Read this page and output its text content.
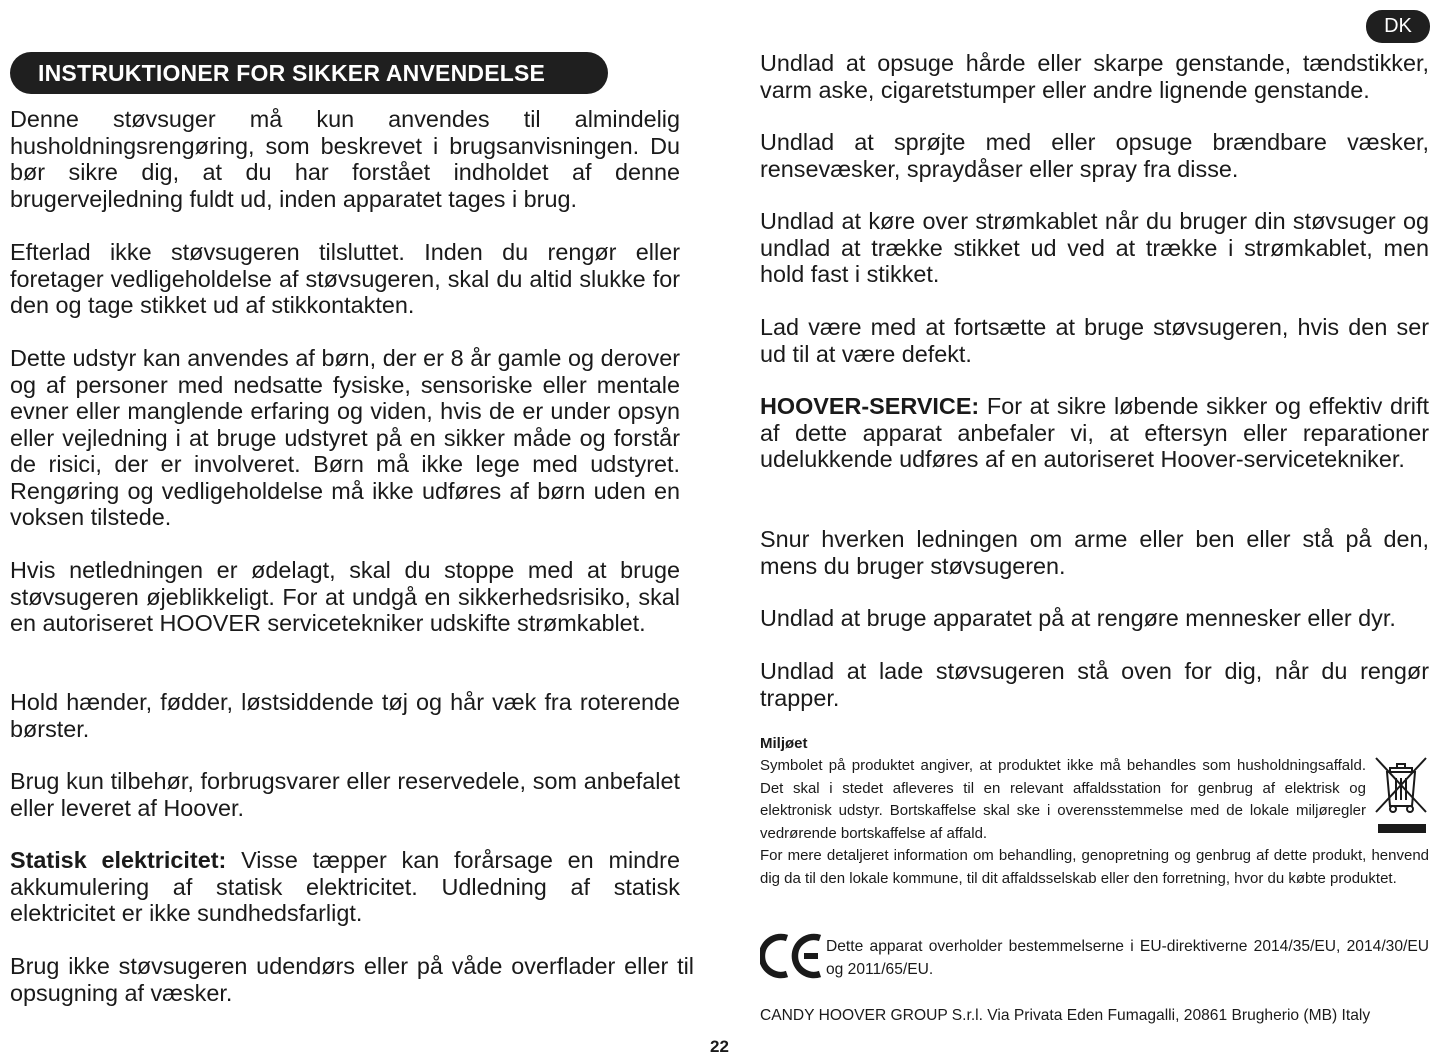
INSTRUKTIONER FOR SIKKER ANVENDELSE
DK

Denne støvsuger må kun anvendes til almindelig husholdningsrengøring, som beskrevet i brugsanvisningen. Du bør sikre dig, at du har forstået indholdet af denne brugervejledning fuldt ud, inden apparatet tages i brug.

Efterlad ikke støvsugeren tilsluttet. Inden du rengør eller foretager vedligeholdelse af støvsugeren, skal du altid slukke for den og tage stikket ud af stikkontakten.

Dette udstyr kan anvendes af børn, der er 8 år gamle og derover og af personer med nedsatte fysiske, sensoriske eller mentale evner eller manglende erfaring og viden, hvis de er under opsyn eller vejledning i at bruge udstyret på en sikker måde og forstår de risici, der er involveret. Børn må ikke lege med udstyret. Rengøring og vedligeholdelse må ikke udføres af børn uden en voksen tilstede.

Hvis netledningen er ødelagt, skal du stoppe med at bruge støvsugeren øjeblikkeligt. For at undgå en sikkerhedsrisiko, skal en autoriseret HOOVER servicetekniker udskifte strømkablet.

Hold hænder, fødder, løstsiddende tøj og hår væk fra roterende børster.

Brug kun tilbehør, forbrugsvarer eller reservedele, som anbefalet eller leveret af Hoover.

Statisk elektricitet: Visse tæpper kan forårsage en mindre akkumulering af statisk elektricitet. Udledning af statisk elektricitet er ikke sundhedsfarligt.

Brug ikke støvsugeren udendørs eller på våde overflader eller til opsugning af væsker.

Undlad at opsuge hårde eller skarpe genstande, tændstikker, varm aske, cigaretstumper eller andre lignende genstande.

Undlad at sprøjte med eller opsuge brændbare væsker, rensevæsker, spraydåser eller spray fra disse.

Undlad at køre over strømkablet når du bruger din støvsuger og undlad at trække stikket ud ved at trække i strømkablet, men hold fast i stikket.

Lad være med at fortsætte at bruge støvsugeren, hvis den ser ud til at være defekt.

HOOVER-SERVICE: For at sikre løbende sikker og effektiv drift af dette apparat anbefaler vi, at eftersyn eller reparationer udelukkende udføres af en autoriseret Hoover-servicetekniker.

Snur hverken ledningen om arme eller ben eller stå på den, mens du bruger støvsugeren.

Undlad at bruge apparatet på at rengøre mennesker eller dyr.

Undlad at lade støvsugeren stå oven for dig, når du rengør trapper.

Miljøet

Symbolet på produktet angiver, at produktet ikke må behandles som husholdningsaffald. Det skal i stedet afleveres til en relevant affaldsstation for genbrug af elektrisk og elektronisk udstyr. Bortskaffelse skal ske i overensstemmelse med de lokale miljøregler vedrørende bortskaffelse af affald.

For mere detaljeret information om behandling, genopretning og genbrug af dette produkt, henvend dig da til den lokale kommune, til dit affaldsselskab eller den forretning, hvor du købte produktet.

Dette apparat overholder bestemmelserne i EU-direktiverne 2014/35/EU, 2014/30/EU og 2011/65/EU.

CANDY HOOVER GROUP S.r.l. Via Privata Eden Fumagalli, 20861 Brugherio (MB) Italy

22
